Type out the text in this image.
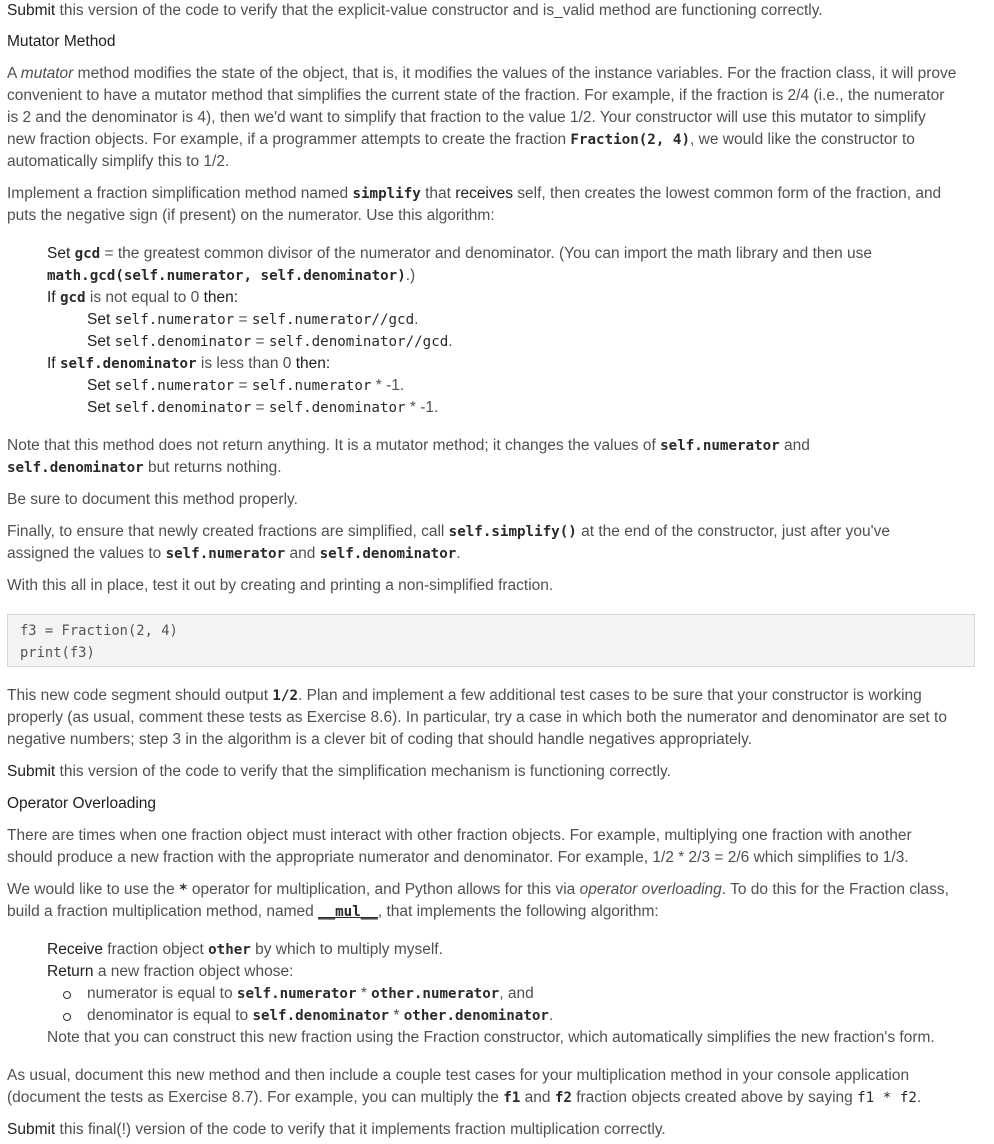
Submit this version of the code to verify that the explicit-value constructor and is_valid method are functioning correctly.

Mutator Method

A mutator method modifies the state of the object, that is, it modifies the values of the instance variables. For the fraction class, it will prove

convenient to have a mutator method that simplifies the current state of the fraction. For example, if the fraction is 2/4 (i.e., the numerator

is 2 and the denominator is 4), then we'd want to simplify that fraction to the value 1/2. Your constructor will use this mutator to simplify

new fraction objects. For example, if a programmer attempts to create the fraction Fraction(2, 4), we would like the constructor to

automatically simplify this to 1/2.

Implement a fraction simplification method named simplify that receives self, then creates the lowest common form of the fraction, and

puts the negative sign (if present) on the numerator. Use this algorithm:

Set gcd = the greatest common divisor of the numerator and denominator. (You can import the math library and then use

math.gcd(self.numerator, self.denominator).)

If gcd is not equal to 0 then:

Set self.numerator = self.numerator//gcd.

Set self.denominator = self.denominator//gcd.

If self.denominator is less than 0 then:

Set self.numerator = self.numerator * -1.

Set self.denominator = self.denominator * -1.

Note that this method does not return anything. It is a mutator method; it changes the values of self.numerator and

self.denominator but returns nothing.

Be sure to document this method properly.

Finally, to ensure that newly created fractions are simplified, call self.simplify() at the end of the constructor, just after you've

assigned the values to self.numerator and self.denominator.

With this all in place, test it out by creating and printing a non-simplified fraction.

f3 = Fraction(2, 4)
print(f3)

This new code segment should output 1/2. Plan and implement a few additional test cases to be sure that your constructor is working

properly (as usual, comment these tests as Exercise 8.6). In particular, try a case in which both the numerator and denominator are set to

negative numbers; step 3 in the algorithm is a clever bit of coding that should handle negatives appropriately.

Submit this version of the code to verify that the simplification mechanism is functioning correctly.

Operator Overloading

There are times when one fraction object must interact with other fraction objects. For example, multiplying one fraction with another

should produce a new fraction with the appropriate numerator and denominator. For example, 1/2 * 2/3 = 2/6 which simplifies to 1/3.

We would like to use the * operator for multiplication, and Python allows for this via operator overloading. To do this for the Fraction class,

build a fraction multiplication method, named __mul__, that implements the following algorithm:

Receive fraction object other by which to multiply myself.

Return a new fraction object whose:

numerator is equal to self.numerator * other.numerator, and

denominator is equal to self.denominator * other.denominator.

Note that you can construct this new fraction using the Fraction constructor, which automatically simplifies the new fraction's form.

As usual, document this new method and then include a couple test cases for your multiplication method in your console application

(document the tests as Exercise 8.7). For example, you can multiply the f1 and f2 fraction objects created above by saying f1 * f2.

Submit this final(!) version of the code to verify that it implements fraction multiplication correctly.
